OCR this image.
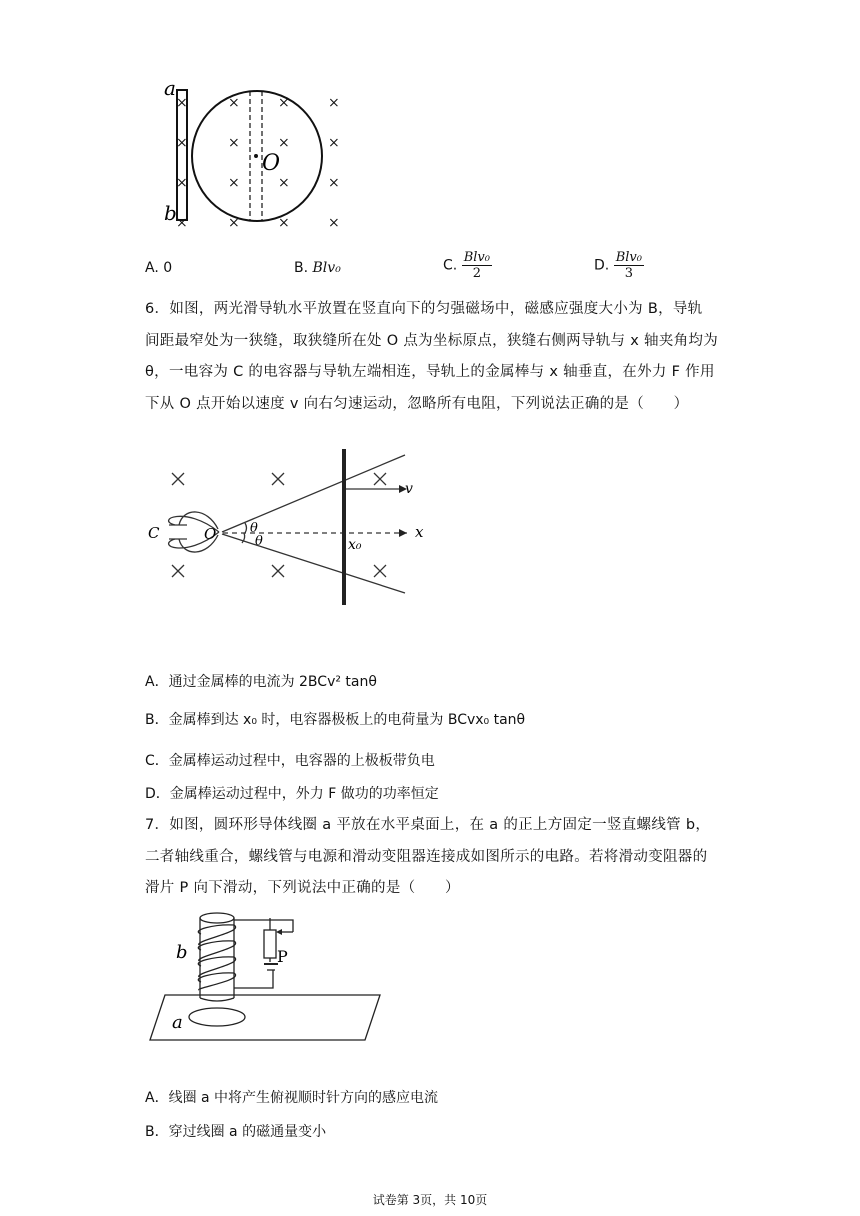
×	×	×	×
×	×	×	×
×	×	×	×
×	×	×	×
a
b
O
A. 0	B. Blv₀	C. $\frac{\text{Blv₀}}{2}$	D. $\frac{\text{Blv₀}}{3}$
6．如图，两光滑导轨水平放置在竖直向下的匀强磁场中，磁感应强度大小为 B，导轨
间距最窄处为一狭缝，取狭缝所在处 O 点为坐标原点，狭缝右侧两导轨与 x 轴夹角均为
θ，一电容为 C 的电容器与导轨左端相连，导轨上的金属棒与 x 轴垂直，在外力 F 作用
下从 O 点开始以速度 v 向右匀速运动，忽略所有电阻，下列说法正确的是（　　）
C	O	θ
θ	x₀
x
v
A．通过金属棒的电流为 2BCv² tanθ
B．金属棒到达 x₀ 时，电容器极板上的电荷量为 BCvx₀ tanθ
C．金属棒运动过程中，电容器的上极板带负电
D．金属棒运动过程中，外力 F 做功的功率恒定
7．如图，圆环形导体线圈 a 平放在水平桌面上，在 a 的正上方固定一竖直螺线管 b，
二者轴线重合，螺线管与电源和滑动变阻器连接成如图所示的电路。若将滑动变阻器的
滑片 P 向下滑动，下列说法中正确的是（　　）
b	P
a
A．线圈 a 中将产生俯视顺时针方向的感应电流
B．穿过线圈 a 的磁通量变小
试卷第 3页，共 10页
